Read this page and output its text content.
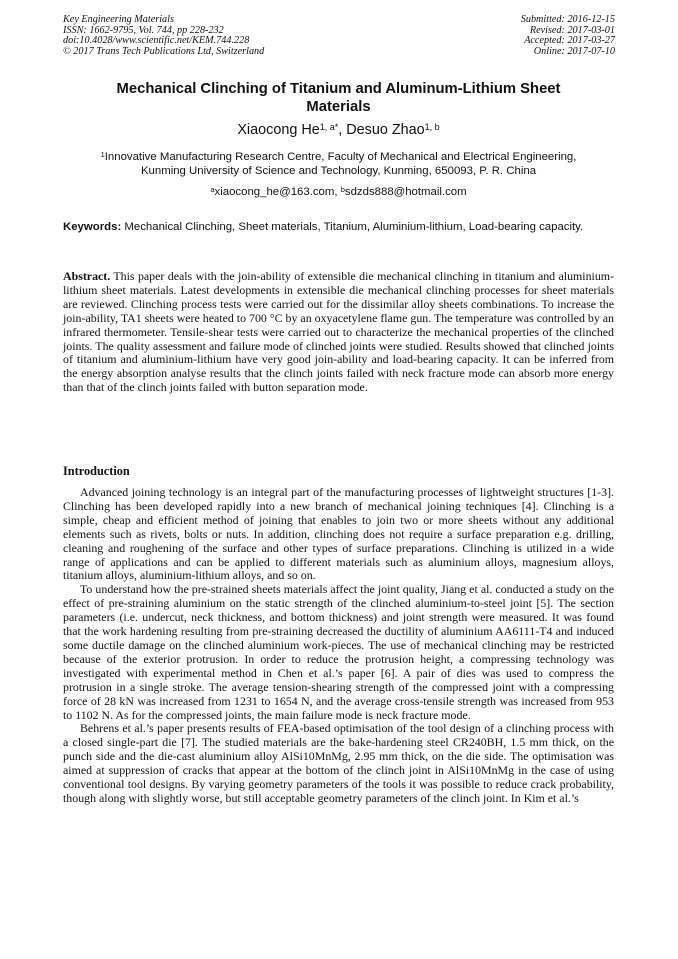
Key Engineering Materials
ISSN: 1662-9795, Vol. 744, pp 228-232
doi:10.4028/www.scientific.net/KEM.744.228
© 2017 Trans Tech Publications Ltd, Switzerland
Submitted: 2016-12-15
Revised: 2017-03-01
Accepted: 2017-03-27
Online: 2017-07-10
Mechanical Clinching of Titanium and Aluminum-Lithium Sheet
Materials
Xiaocong $He^{1, a*}$, Desuo Zhao$^{1, b}$
$^1$Innovative Manufacturing Research Centre, Faculty of Mechanical and Electrical Engineering,
Kunming University of Science and Technology, Kunming, 650093, P. R. China
$^a$xiaocong_he@163.com, $^b$sdzds888@hotmail.com
Keywords: Mechanical Clinching, Sheet materials, Titanium, Aluminium-lithium, Load-bearing capacity.
Abstract. This paper deals with the join-ability of extensible die mechanical clinching in titanium and aluminium-lithium sheet materials. Latest developments in extensible die mechanical clinching processes for sheet materials are reviewed. Clinching process tests were carried out for the dissimilar alloy sheets combinations. To increase the join-ability, TA1 sheets were heated to 700 °C by an oxyacetylene flame gun. The temperature was controlled by an infrared thermometer. Tensile-shear tests were carried out to characterize the mechanical properties of the clinched joints. The quality assessment and failure mode of clinched joints were studied. Results showed that clinched joints of titanium and aluminium-lithium have very good join-ability and load-bearing capacity. It can be inferred from the energy absorption analyse results that the clinch joints failed with neck fracture mode can absorb more energy than that of the clinch joints failed with button separation mode.
Introduction

Advanced joining technology is an integral part of the manufacturing processes of lightweight structures [1-3]. Clinching has been developed rapidly into a new branch of mechanical joining techniques [4]. Clinching is a simple, cheap and efficient method of joining that enables to join two or more sheets without any additional elements such as rivets, bolts or nuts. In addition, clinching does not require a surface preparation e.g. drilling, cleaning and roughening of the surface and other types of surface preparations. Clinching is utilized in a wide range of applications and can be applied to different materials such as aluminium alloys, magnesium alloys, titanium alloys, aluminium-lithium alloys, and so on.

To understand how the pre-strained sheets materials affect the joint quality, Jiang et al. conducted a study on the effect of pre-straining aluminium on the static strength of the clinched aluminium-to-steel joint [5]. The section parameters (i.e. undercut, neck thickness, and bottom thickness) and joint strength were measured. It was found that the work hardening resulting from pre-straining decreased the ductility of aluminium AA6111-T4 and induced some ductile damage on the clinched aluminium work-pieces. The use of mechanical clinching may be restricted because of the exterior protrusion. In order to reduce the protrusion height, a compressing technology was investigated with experimental method in Chen et al.’s paper [6]. A pair of dies was used to compress the protrusion in a single stroke. The average tension-shearing strength of the compressed joint with a compressing force of 28 kN was increased from 1231 to 1654 N, and the average cross-tensile strength was increased from 953 to 1102 N. As for the compressed joints, the main failure mode is neck fracture mode.

Behrens et al.’s paper presents results of FEA-based optimisation of the tool design of a clinching process with a closed single-part die [7]. The studied materials are the bake-hardening steel CR240BH, 1.5 mm thick, on the punch side and the die-cast aluminium alloy AlSi10MnMg, 2.95 mm thick, on the die side. The optimisation was aimed at suppression of cracks that appear at the bottom of the clinch joint in AlSi10MnMg in the case of using conventional tool designs. By varying geometry parameters of the tools it was possible to reduce crack probability, though along with slightly worse, but still acceptable geometry parameters of the clinch joint. In Kim et al.’s
